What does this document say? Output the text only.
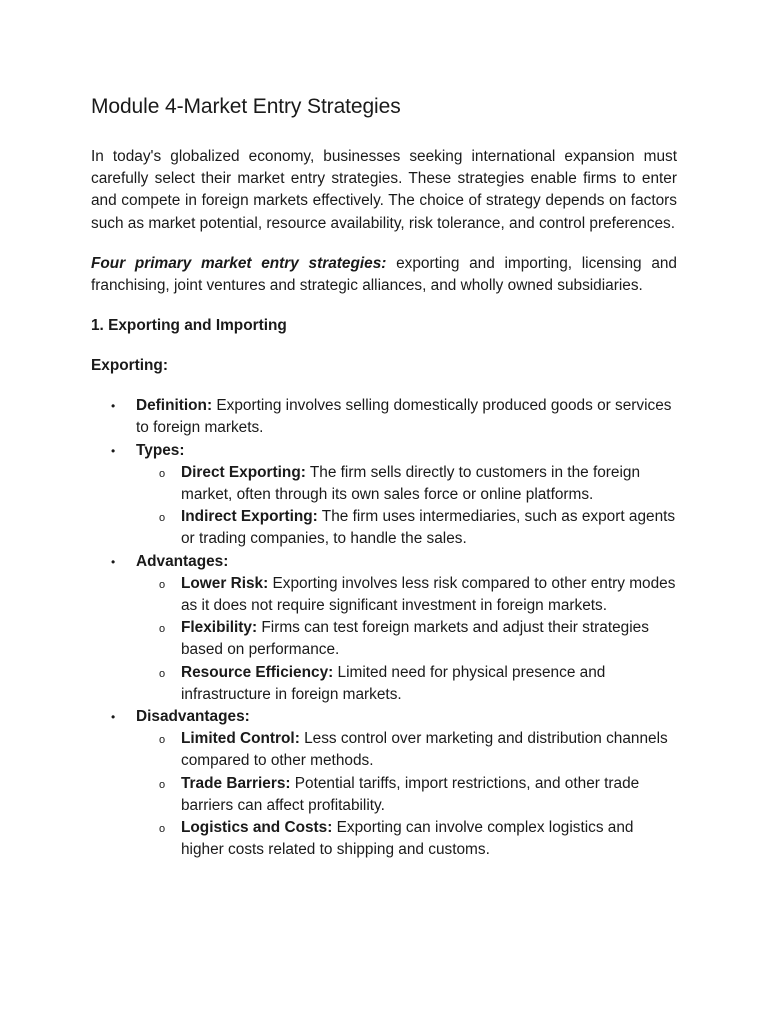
Module 4-Market Entry Strategies

In today's globalized economy, businesses seeking international expansion must carefully select their market entry strategies. These strategies enable firms to enter and compete in foreign markets effectively. The choice of strategy depends on factors such as market potential, resource availability, risk tolerance, and control preferences.

Four primary market entry strategies: exporting and importing, licensing and franchising, joint ventures and strategic alliances, and wholly owned subsidiaries.

1. Exporting and Importing
Exporting:
• Definition: Exporting involves selling domestically produced goods or services to foreign markets.
• Types:
o Direct Exporting: The firm sells directly to customers in the foreign market, often through its own sales force or online platforms.
o Indirect Exporting: The firm uses intermediaries, such as export agents or trading companies, to handle the sales.
• Advantages:
o Lower Risk: Exporting involves less risk compared to other entry modes as it does not require significant investment in foreign markets.
o Flexibility: Firms can test foreign markets and adjust their strategies based on performance.
o Resource Efficiency: Limited need for physical presence and infrastructure in foreign markets.
• Disadvantages:
o Limited Control: Less control over marketing and distribution channels compared to other methods.
o Trade Barriers: Potential tariffs, import restrictions, and other trade barriers can affect profitability.
o Logistics and Costs: Exporting can involve complex logistics and higher costs related to shipping and customs.
